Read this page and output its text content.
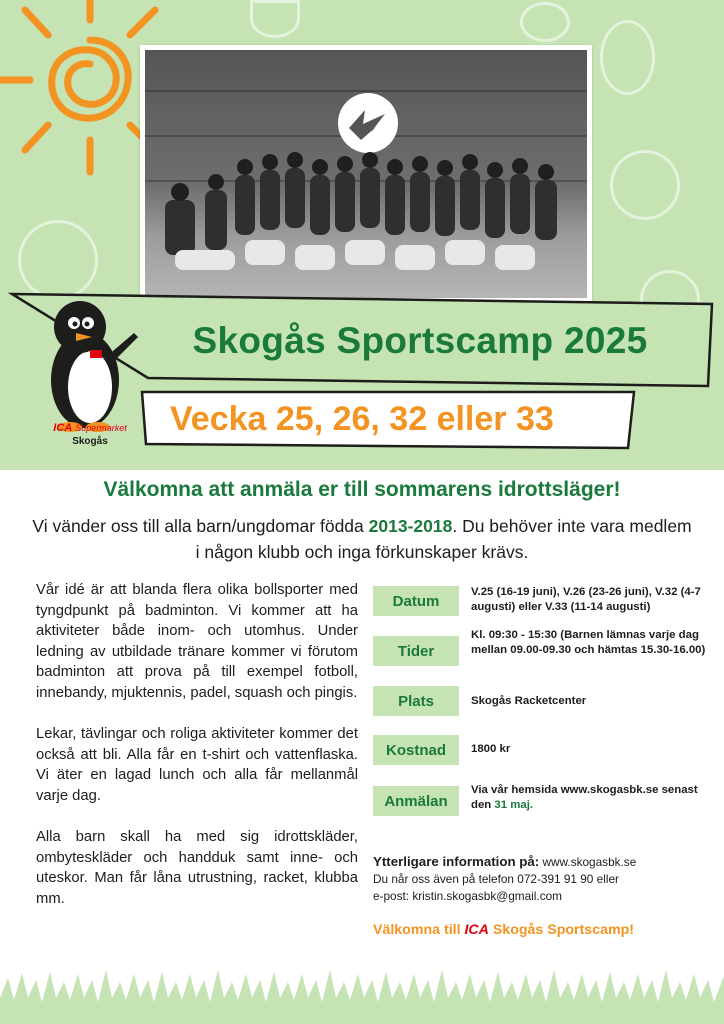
Skogås Sportscamp 2025
Vecka 25, 26, 32 eller 33
ICA Supermarket
Skogås
Välkomna att anmäla er till sommarens idrottsläger!
Vi vänder oss till alla barn/ungdomar födda 2013-2018. Du behöver inte vara medlem i någon klubb och inga förkunskaper krävs.

Vår idé är att blanda flera olika bollsporter med tyngdpunkt på badminton. Vi kommer att ha aktiviteter både inom- och utomhus. Under ledning av utbildade tränare kommer vi förutom badminton att prova på till exempel fotboll, innebandy, mjuktennis, padel, squash och pingis.

Lekar, tävlingar och roliga aktiviteter kommer det också att bli. Alla får en t-shirt och vattenflaska. Vi äter en lagad lunch och alla får mellanmål varje dag.

Alla barn skall ha med sig idrottskläder, ombyteskläder och handduk samt inne- och uteskor. Man får låna utrustning, racket, klubba mm.

Datum
V.25 (16-19 juni), V.26 (23-26 juni), V.32 (4-7 augusti) eller V.33 (11-14 augusti)
Tider
Kl. 09:30 - 15:30 (Barnen lämnas varje dag mellan 09.00-09.30 och hämtas 15.30-16.00)
Plats	Skogås Racketcenter
Kostnad	1800 kr
Anmälan
Via vår hemsida www.skogasbk.se senast den 31 maj.
Ytterligare information på: www.skogasbk.se
Du når oss även på telefon 072-391 91 90 eller
e-post: kristin.skogasbk@gmail.com
Välkomna till ICA Skogås Sportscamp!
